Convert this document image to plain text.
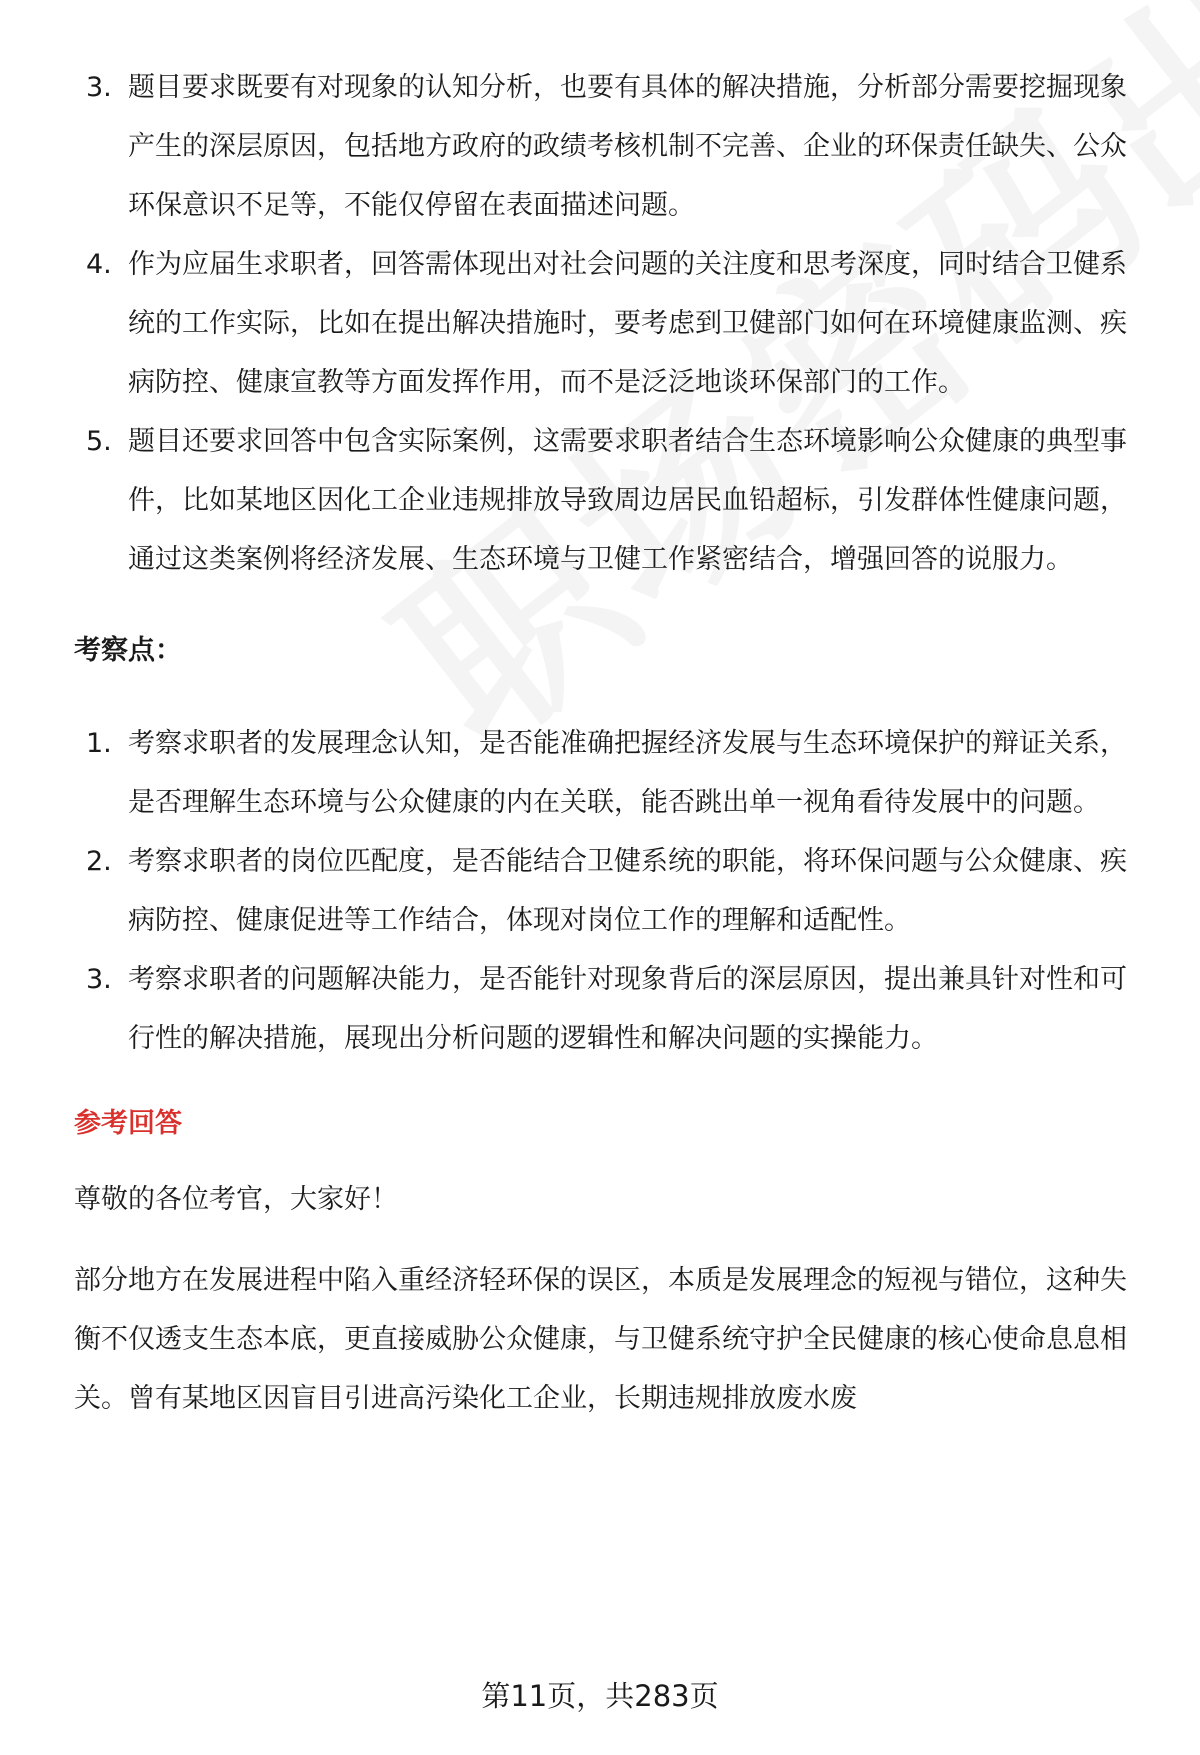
3. 题目要求既要有对现象的认知分析，也要有具体的解决措施，分析部分需要挖掘现象产生的深层原因，包括地方政府的政绩考核机制不完善、企业的环保责任缺失、公众环保意识不足等，不能仅停留在表面描述问题。
4. 作为应届生求职者，回答需体现出对社会问题的关注度和思考深度，同时结合卫健系统的工作实际，比如在提出解决措施时，要考虑到卫健部门如何在环境健康监测、疾病防控、健康宣教等方面发挥作用，而不是泛泛地谈环保部门的工作。
5. 题目还要求回答中包含实际案例，这需要求职者结合生态环境影响公众健康的典型事件，比如某地区因化工企业违规排放导致周边居民血铅超标，引发群体性健康问题，通过这类案例将经济发展、生态环境与卫健工作紧密结合，增强回答的说服力。
考察点：
1. 考察求职者的发展理念认知，是否能准确把握经济发展与生态环境保护的辩证关系，是否理解生态环境与公众健康的内在关联，能否跳出单一视角看待发展中的问题。
2. 考察求职者的岗位匹配度，是否能结合卫健系统的职能，将环保问题与公众健康、疾病防控、健康促进等工作结合，体现对岗位工作的理解和适配性。
3. 考察求职者的问题解决能力，是否能针对现象背后的深层原因，提出兼具针对性和可行性的解决措施，展现出分析问题的逻辑性和解决问题的实操能力。
参考回答

尊敬的各位考官，大家好！

部分地方在发展进程中陷入重经济轻环保的误区，本质是发展理念的短视与错位，这种失衡不仅透支生态本底，更直接威胁公众健康，与卫健系统守护全民健康的核心使命息息相关。曾有某地区因盲目引进高污染化工企业，长期违规排放废水废

第11页，共283页
